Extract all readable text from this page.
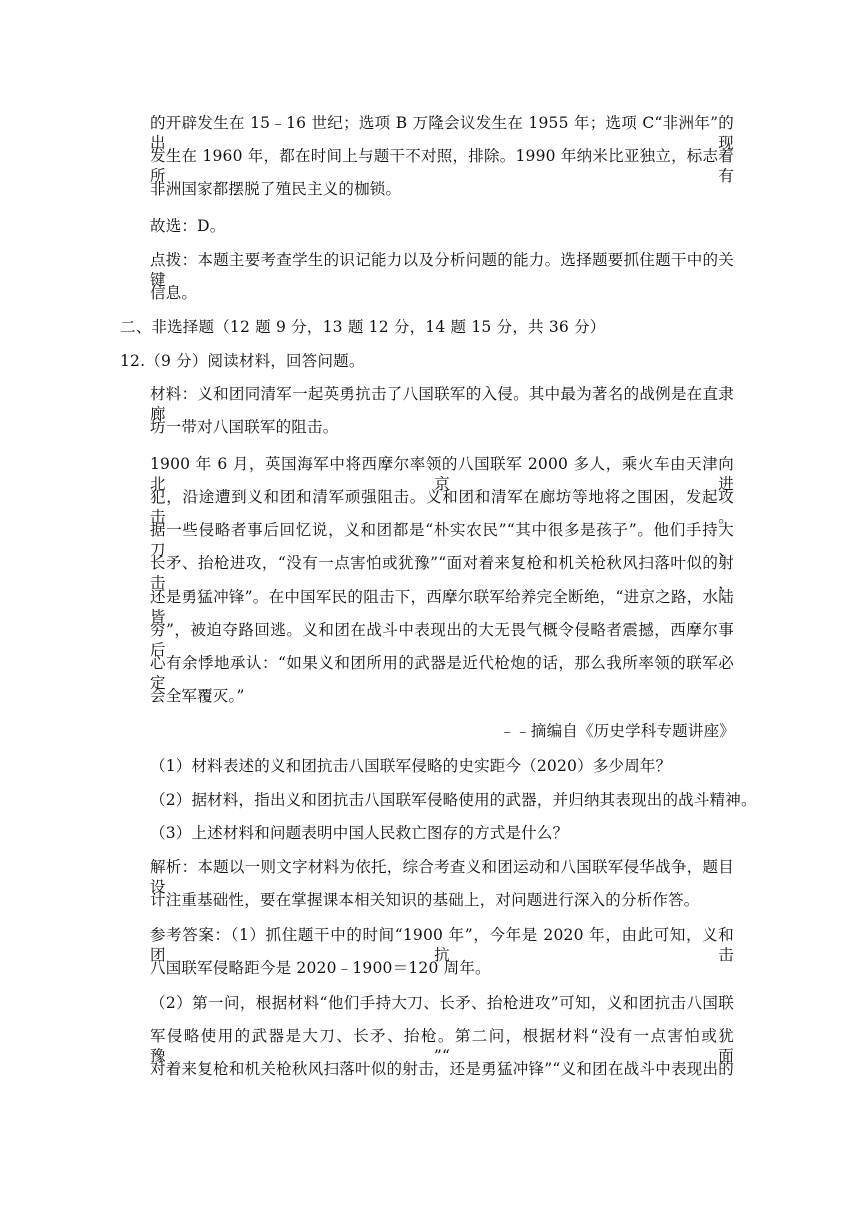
的开辟发生在 15﹣16 世纪；选项 B 万隆会议发生在 1955 年；选项 C“非洲年”的出现
发生在 1960 年，都在时间上与题干不对照，排除。1990 年纳米比亚独立，标志着所有
非洲国家都摆脱了殖民主义的枷锁。
故选：D。
点拨：本题主要考查学生的识记能力以及分析问题的能力。选择题要抓住题干中的关键
信息。
二、非选择题（12 题 9 分，13 题 12 分，14 题 15 分，共 36 分）
12.（9 分）阅读材料，回答问题。
材料：义和团同清军一起英勇抗击了八国联军的入侵。其中最为著名的战例是在直隶廊
坊一带对八国联军的阻击。
1900 年 6 月，英国海军中将西摩尔率领的八国联军 2000 多人，乘火车由天津向北京进
犯，沿途遭到义和团和清军顽强阻击。义和团和清军在廊坊等地将之围困，发起攻击。
据一些侵略者事后回忆说，义和团都是“朴实农民”“其中很多是孩子”。他们手持大刀、
长矛、抬枪进攻，“没有一点害怕或犹豫”“面对着来复枪和机关枪秋风扫落叶似的射击，
还是勇猛冲锋”。在中国军民的阻击下，西摩尔联军给养完全断绝，“进京之路，水陆皆
穷”，被迫夺路回逃。义和团在战斗中表现出的大无畏气概令侵略者震撼，西摩尔事后
心有余悸地承认：“如果义和团所用的武器是近代枪炮的话，那么我所率领的联军必定
会全军覆灭。”
﹣﹣摘编自《历史学科专题讲座》
（1）材料表述的义和团抗击八国联军侵略的史实距今（2020）多少周年？
（2）据材料，指出义和团抗击八国联军侵略使用的武器，并归纳其表现出的战斗精神。
（3）上述材料和问题表明中国人民救亡图存的方式是什么？
解析：本题以一则文字材料为依托，综合考查义和团运动和八国联军侵华战争，题目设
计注重基础性，要在掌握课本相关知识的基础上，对问题进行深入的分析作答。
参考答案：（1）抓住题干中的时间“1900 年”，今年是 2020 年，由此可知，义和团抗击
八国联军侵略距今是 2020﹣1900＝120 周年。
（2）第一问，根据材料“他们手持大刀、长矛、抬枪进攻”可知，义和团抗击八国联
军侵略使用的武器是大刀、长矛、抬枪。第二问，根据材料“没有一点害怕或犹豫”“面
对着来复枪和机关枪秋风扫落叶似的射击，还是勇猛冲锋”“义和团在战斗中表现出的
